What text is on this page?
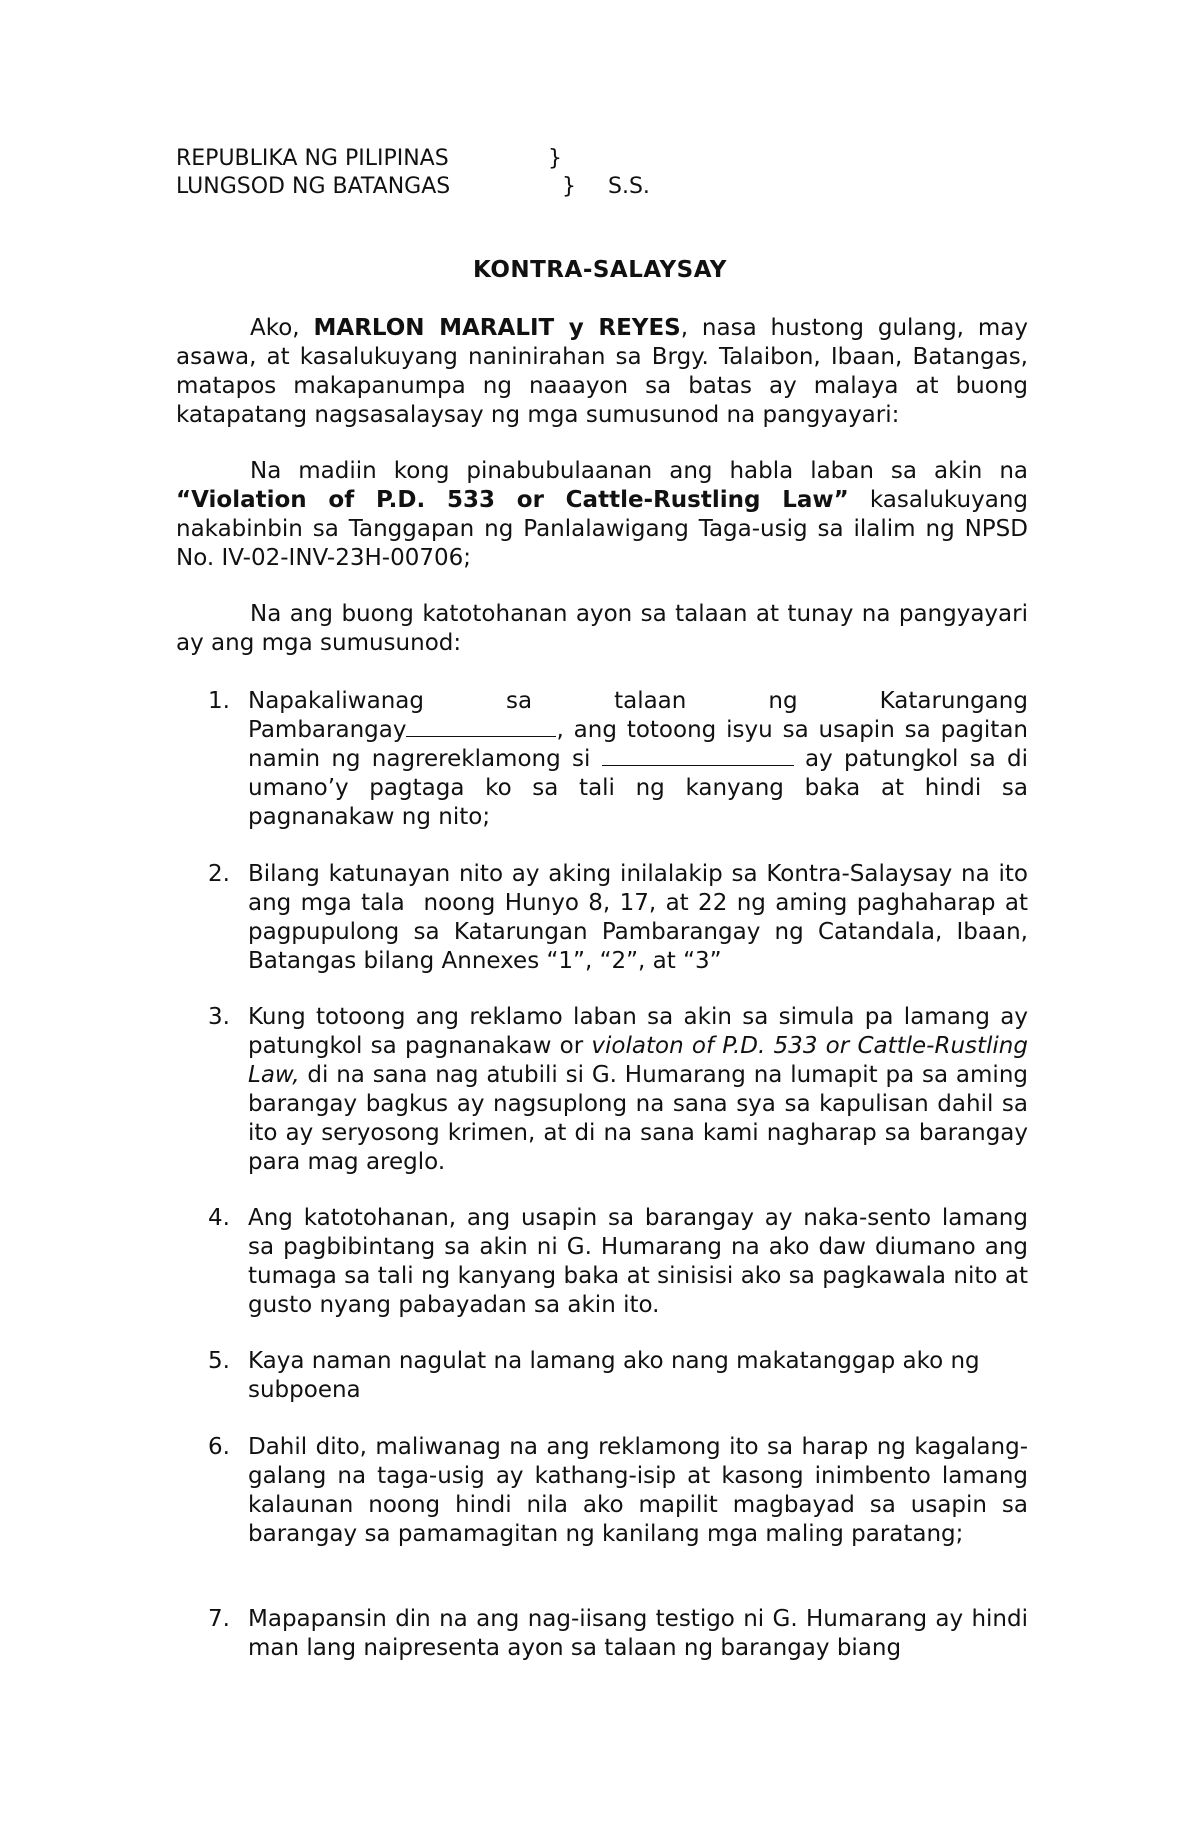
REPUBLIKA NG PILIPINAS	}
LUNGSOD NG BATANGAS	} S.S.
KONTRA-SALAYSAY
Ako, MARLON MARALIT y REYES, nasa hustong gulang, may asawa, at kasalukuyang naninirahan sa Brgy. Talaibon, Ibaan, Batangas, matapos makapanumpa ng naaayon sa batas ay malaya at buong katapatang nagsasalaysay ng mga sumusunod na pangyayari:
Na madiin kong pinabubulaanan ang habla laban sa akin na “Violation of P.D. 533 or Cattle-Rustling Law” kasalukuyang nakabinbin sa Tanggapan ng Panlalawigang Taga-usig sa ilalim ng NPSD No. IV-02-INV-23H-00706;
Na ang buong katotohanan ayon sa talaan at tunay na pangyayari ay ang mga sumusunod:
1. Napakaliwanag	sa	talaan	ng	Katarungang
Pambarangay	, ang totoong isyu sa usapin sa pagitan namin ng nagrereklamong si	ay patungkol sa di umano’y pagtaga ko sa tali ng kanyang baka at hindi sa pagnanakaw ng nito;
2. Bilang katunayan nito ay aking inilalakip sa Kontra-Salaysay na ito ang mga tala  noong Hunyo 8, 17, at 22 ng aming paghaharap at pagpupulong sa Katarungan Pambarangay ng Catandala, Ibaan, Batangas bilang Annexes “1”, “2”, at “3”
3. Kung totoong ang reklamo laban sa akin sa simula pa lamang ay patungkol sa pagnanakaw or violaton of P.D. 533 or Cattle-Rustling Law, di na sana nag atubili si G. Humarang na lumapit pa sa aming barangay bagkus ay nagsuplong na sana sya sa kapulisan dahil sa ito ay seryosong krimen, at di na sana kami nagharap sa barangay para mag areglo.
4. Ang katotohanan, ang usapin sa barangay ay naka-sento lamang sa pagbibintang sa akin ni G. Humarang na ako daw diumano ang tumaga sa tali ng kanyang baka at sinisisi ako sa pagkawala nito at gusto nyang pabayadan sa akin ito.
5. Kaya naman nagulat na lamang ako nang makatanggap ako ng subpoena
6. Dahil dito, maliwanag na ang reklamong ito sa harap ng kagalang-galang na taga-usig ay kathang-isip at kasong inimbento lamang kalaunan noong hindi nila ako mapilit magbayad sa usapin sa barangay sa pamamagitan ng kanilang mga maling paratang;
7. Mapapansin din na ang nag-iisang testigo ni G. Humarang ay hindi man lang naipresenta ayon sa talaan ng barangay biang
